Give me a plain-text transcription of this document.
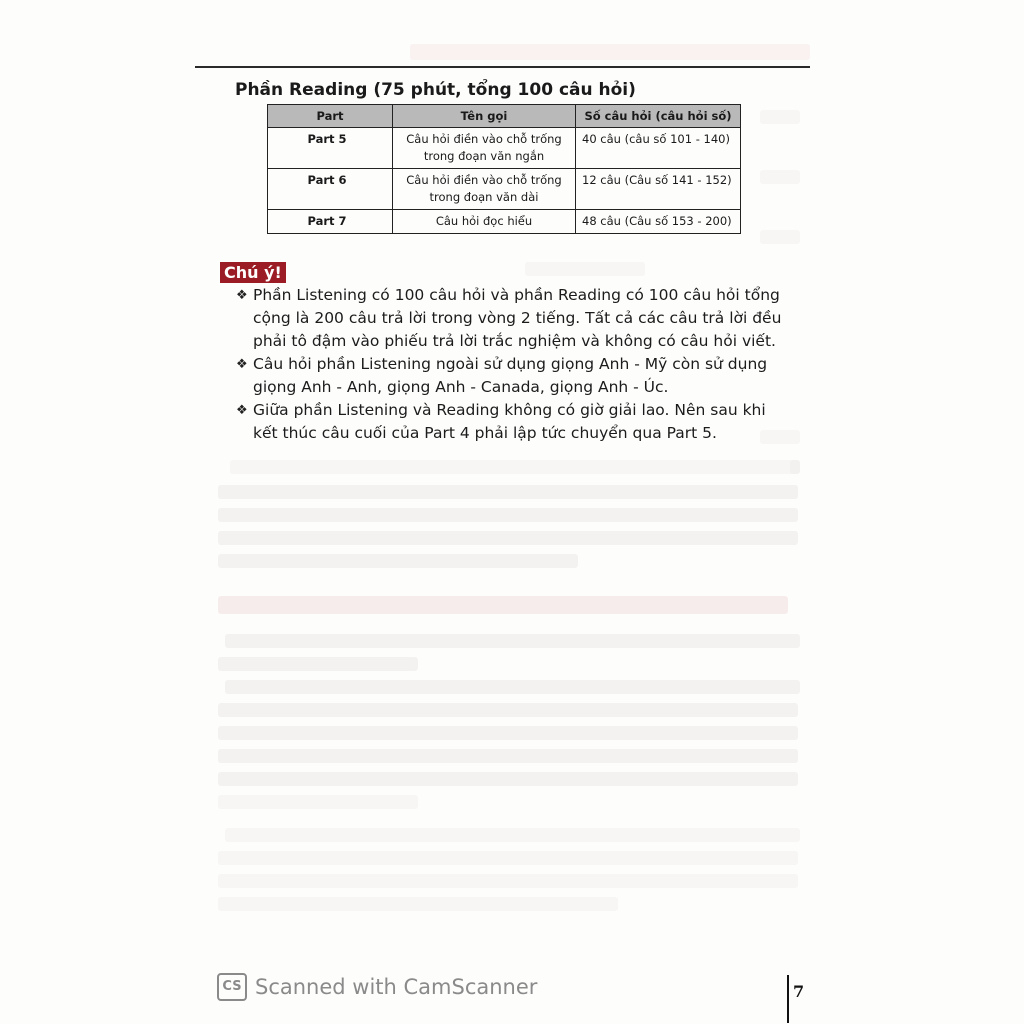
Phần Reading (75 phút, tổng 100 câu hỏi)
Part	Tên gọi	Số câu hỏi (câu hỏi số)
Part 5	Câu hỏi điền vào chỗ trống trong đoạn văn ngắn	40 câu (câu số 101 - 140)
Part 6	Câu hỏi điền vào chỗ trống trong đoạn văn dài	12 câu (Câu số 141 - 152)
Part 7	Câu hỏi đọc hiểu	48 câu (Câu số 153 - 200)
Chú ý!
❖ Phần Listening có 100 câu hỏi và phần Reading có 100 câu hỏi tổng cộng là 200 câu trả lời trong vòng 2 tiếng. Tất cả các câu trả lời đều phải tô đậm vào phiếu trả lời trắc nghiệm và không có câu hỏi viết.
❖ Câu hỏi phần Listening ngoài sử dụng giọng Anh - Mỹ còn sử dụng giọng Anh - Anh, giọng Anh - Canada, giọng Anh - Úc.
❖ Giữa phần Listening và Reading không có giờ giải lao. Nên sau khi kết thúc câu cuối của Part 4 phải lập tức chuyển qua Part 5.
CS Scanned with CamScanner	7
